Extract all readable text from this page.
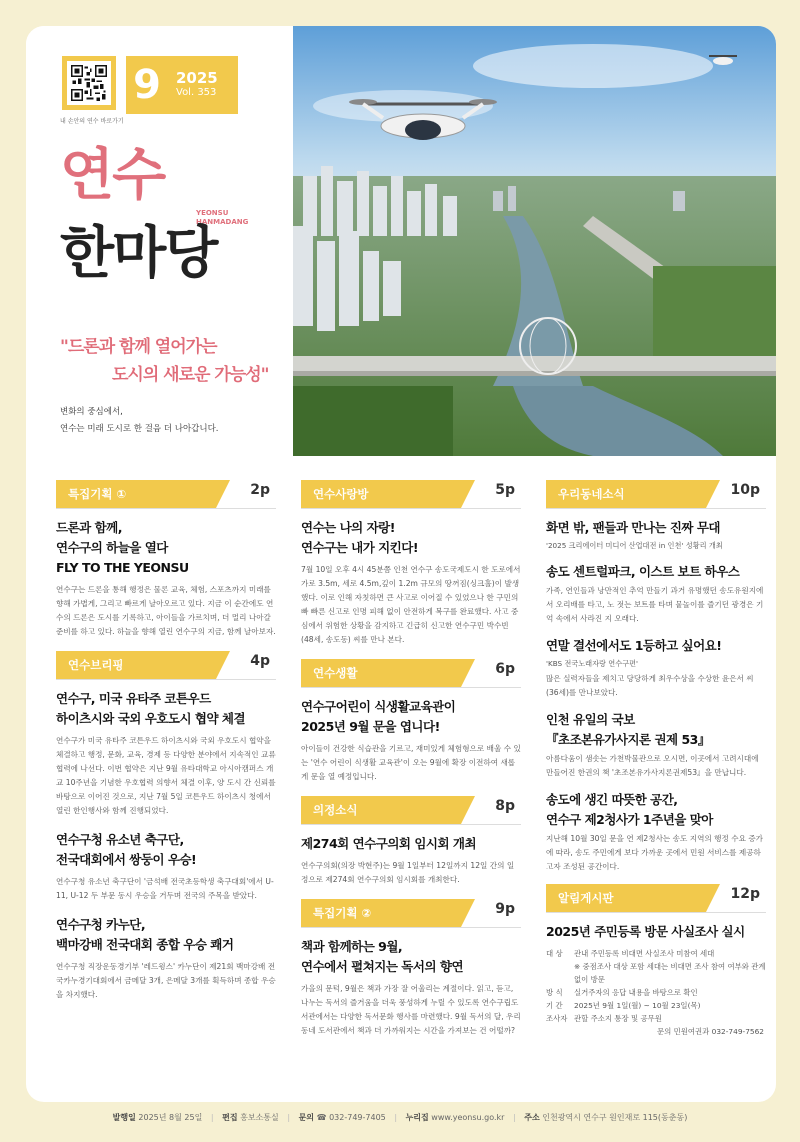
내 손안의 연수 바로가기
9	2025
Vol. 353
연수
YEONSU
HANMADANG
한마당
"드론과 함께 열어가는
도시의 새로운 가능성"
변화의 중심에서,
연수는 미래 도시로 한 걸음 더 나아갑니다.
특집기획 ①	2p
드론과 함께,
연수구의 하늘을 열다
FLY TO THE YEONSU
연수구는 드론을 통해 행정은 물론 교육, 체험, 스포츠까지 미래를 향해 가볍게, 그리고 빠르게 날아오르고 있다. 지금 이 순간에도 연수의 드론은 도시를 기록하고, 아이들을 가르치며, 더 멀리 나아갈 준비를 하고 있다. 하늘을 향해 열린 연수구의 지금, 함께 날아보자.
연수브리핑	4p
연수구, 미국 유타주 코튼우드
하이츠시와 국외 우호도시 협약 체결
연수구가 미국 유타주 코튼우드 하이츠시와 국외 우호도시 협약을 체결하고 행정, 문화, 교육, 경제 등 다양한 분야에서 지속적인 교류 협력에 나선다. 이번 협약은 지난 9월 유타대학교 아시아캠퍼스 개교 10주년을 기념한 우호협력 의향서 체결 이후, 양 도시 간 신뢰를 바탕으로 이어진 것으로, 지난 7월 5일 코튼우드 하이츠시 청에서 열린 한인행사와 함께 진행되었다.
연수구청 유소년 축구단,
전국대회에서 쌍둥이 우승!
연수구청 유소년 축구단이 '금석배 전국초등학생 축구대회'에서 U-11, U-12 두 부문 동시 우승을 거두며 전국의 주목을 받았다.
연수구청 카누단,
백마강배 전국대회 종합 우승 쾌거
연수구청 직장운동경기부 '레드윙스' 카누단이 제21회 백마강배 전국카누경기대회에서 금메달 3개, 은메달 3개를 획득하며 종합 우승을 차지했다.
연수사랑방	5p
연수는 나의 자랑!
연수구는 내가 지킨다!
7월 10일 오후 4시 45분쯤 인천 연수구 송도국제도시 한 도로에서 가로 3.5m, 세로 4.5m,깊이 1.2m 규모의 땅꺼짐(싱크홀)이 발생했다. 이로 인해 자칫하면 큰 사고로 이어질 수 있었으나 한 구민의 빠 빠른 신고로 인명 피해 없이 안전하게 복구를 완료했다. 사고 중심에서 위험한 상황을 감지하고 긴급히 신고한 연수구민 박수빈(48세, 송도동) 씨를 만나 본다.
연수생활	6p
연수구어린이 식생활교육관이
2025년 9월 문을 엽니다!
아이들이 건강한 식습관을 기르고, 재미있게 체험형으로 배울 수 있는 '연수 어린이 식생활 교육관'이 오는 9월에 확장 이전하여 새롭게 문을 열 예정입니다.
의정소식	8p
제274회 연수구의회 임시회 개최
연수구의회(의장 박현주)는 9월 1일부터 12일까지 12일 간의 일정으로 제274회 연수구의회 임시회를 개최한다.
특집기획 ②	9p
책과 함께하는 9월,
연수에서 펼쳐지는 독서의 향연
가을의 문턱, 9월은 책과 가장 잘 어울리는 계절이다. 읽고, 듣고, 나누는 독서의 즐거움을 더욱 풍성하게 누릴 수 있도록 연수구립도서관에서는 다양한 독서문화 행사를 마련했다. 9월 독서의 달, 우리 동네 도서관에서 책과 더 가까워지는 시간을 가져보는 건 어떨까?
우리동네소식	10p
화면 밖, 팬들과 만나는 진짜 무대
'2025 크리에이터 미디어 산업대전 in 인천' 성황리 개최
송도 센트럴파크, 이스트 보트 하우스
가족, 연인들과 낭만적인 추억 만들기 과거 유명했던 송도유원지에서 오리배를 타고, 노 젓는 보트를 타며 뭍놀이를 즐기던 광경은 기억 속에서 사라진 지 오래다.
연말 결선에서도 1등하고 싶어요!
'KBS 전국노래자랑 연수구편'
많은 실력자들을 제치고 당당하게 최우수상을 수상한 윤은서 씨(36세)를 만나보았다.
인천 유일의 국보
『초조본유가사지론 권제 53』
아름다움이 샘솟는 가천박물관으로 오시면, 이곳에서 고려시대에 만들어진 한권의 책 '초조본유가사지론권제53』을 만납니다.
송도에 생긴 따뜻한 공간,
연수구 제2청사가 1주년을 맞아
지난해 10월 30일 문을 연 제2청사는 송도 지역의 행정 수요 증가에 따라, 송도 주민에게 보다 가까운 곳에서 민원 서비스를 제공하고자 조성된 공간이다.
알림게시판	12p
2025년 주민등록 방문 사실조사 실시
대 상	관내 주민등록 비대면 사실조사 미참여 세대
※ 중점조사 대상 포함 세대는 비대면 조사 참여 여부와 관계없이 방문
방 식	실거주자의 응답 내용을 바탕으로 확인
기 간	2025년 9월 1일(월) ~ 10월 23일(목)
조사자 관할 주소지 통장 및 공무원
문의 민원여권과 032-749-7562
발행일 2025년 8월 25일 | 편집 홍보소통실 | 문의 ☎ 032-749-7405 | 누리집 www.yeonsu.go.kr | 주소 인천광역시 연수구 원인재로 115(동춘동)
